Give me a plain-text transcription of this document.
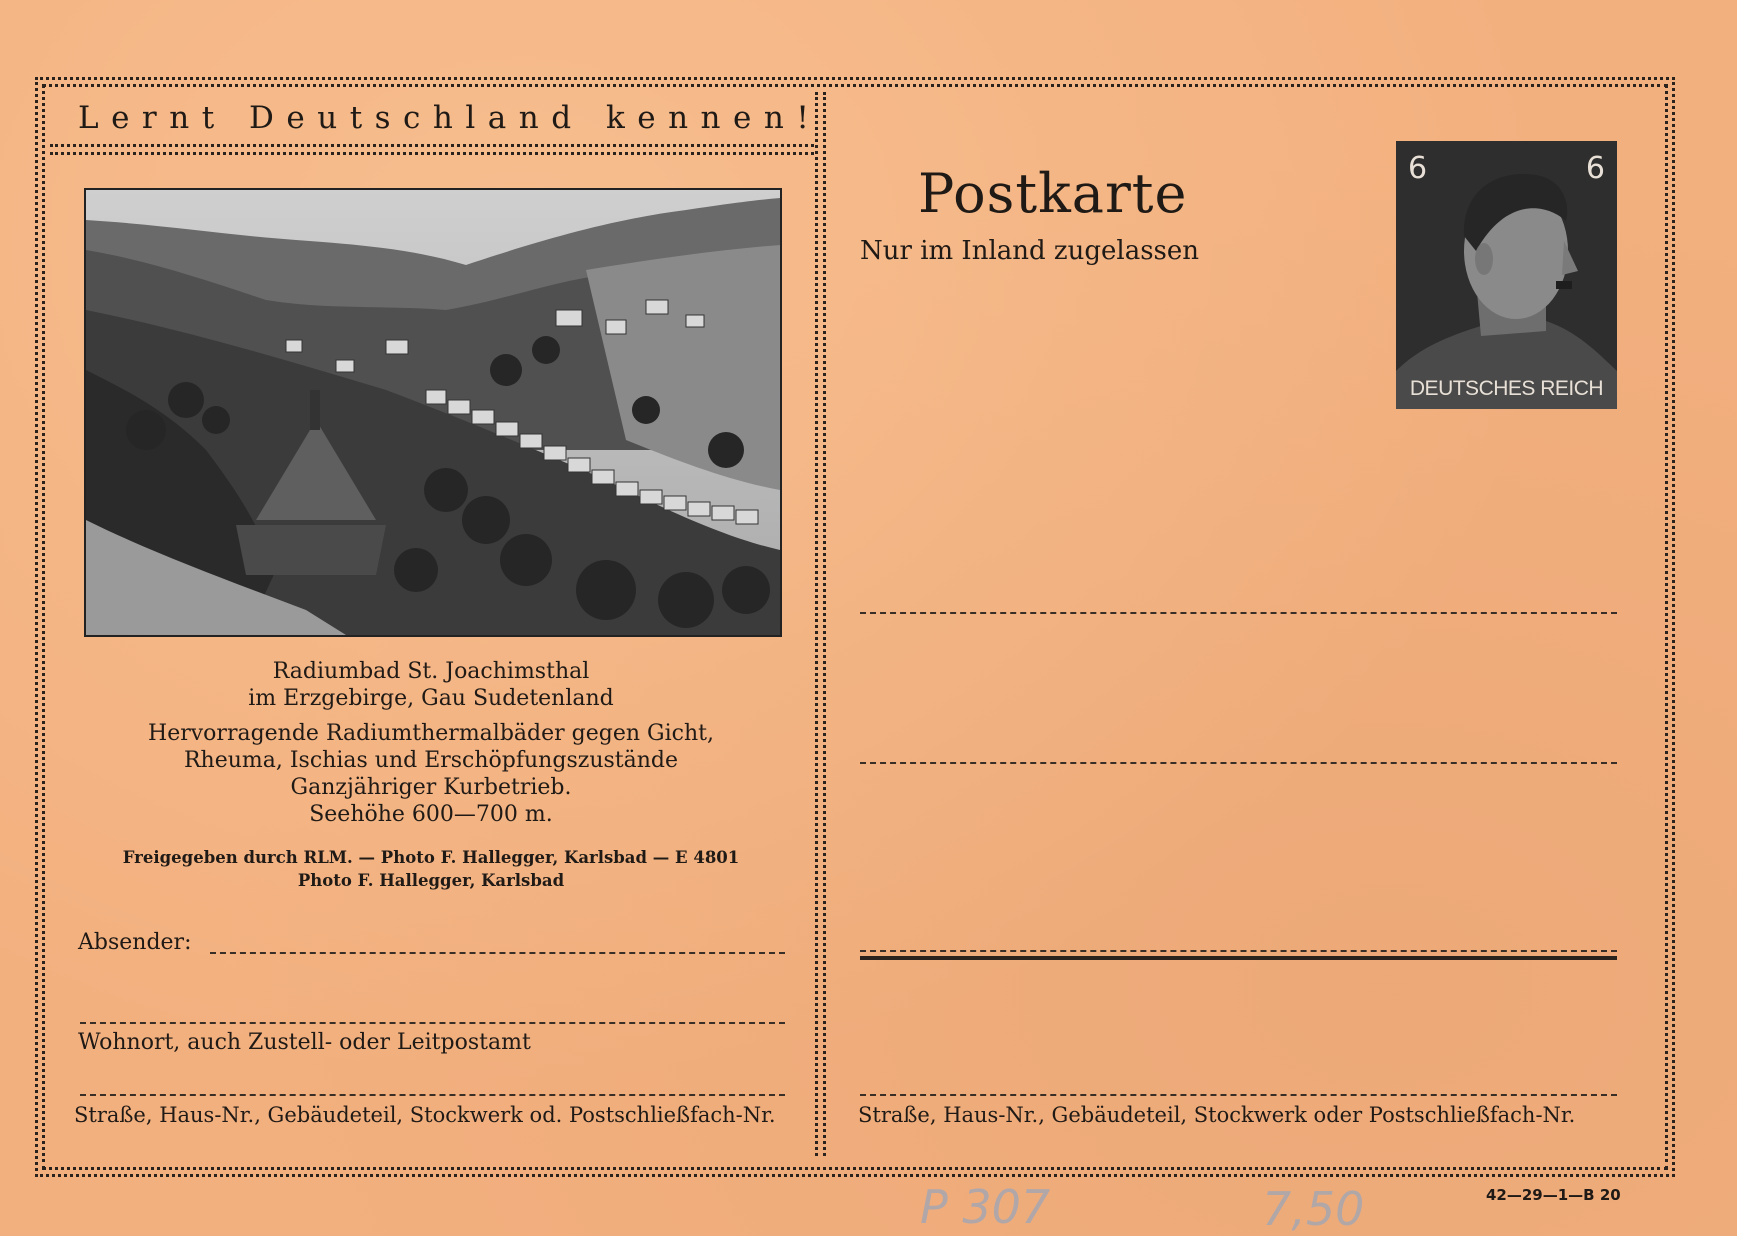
Lernt Deutschland kennen!
Radiumbad St. Joachimsthal
im Erzgebirge, Gau Sudetenland
Hervorragende Radiumthermalbäder gegen Gicht,
Rheuma, Ischias und Erschöpfungszustände
Ganzjähriger Kurbetrieb.
Seehöhe 600—700 m.
Freigegeben durch RLM. — Photo F. Hallegger, Karlsbad — E 4801
Photo F. Hallegger, Karlsbad
Absender:
Wohnort, auch Zustell- oder Leitpostamt
Straße, Haus-Nr., Gebäudeteil, Stockwerk od. Postschließfach-Nr.
Postkarte
Nur im Inland zugelassen
6	6
DEUTSCHES REICH
Straße, Haus-Nr., Gebäudeteil, Stockwerk oder Postschließfach-Nr.
42—29—1—B 20
P 307	7,50
